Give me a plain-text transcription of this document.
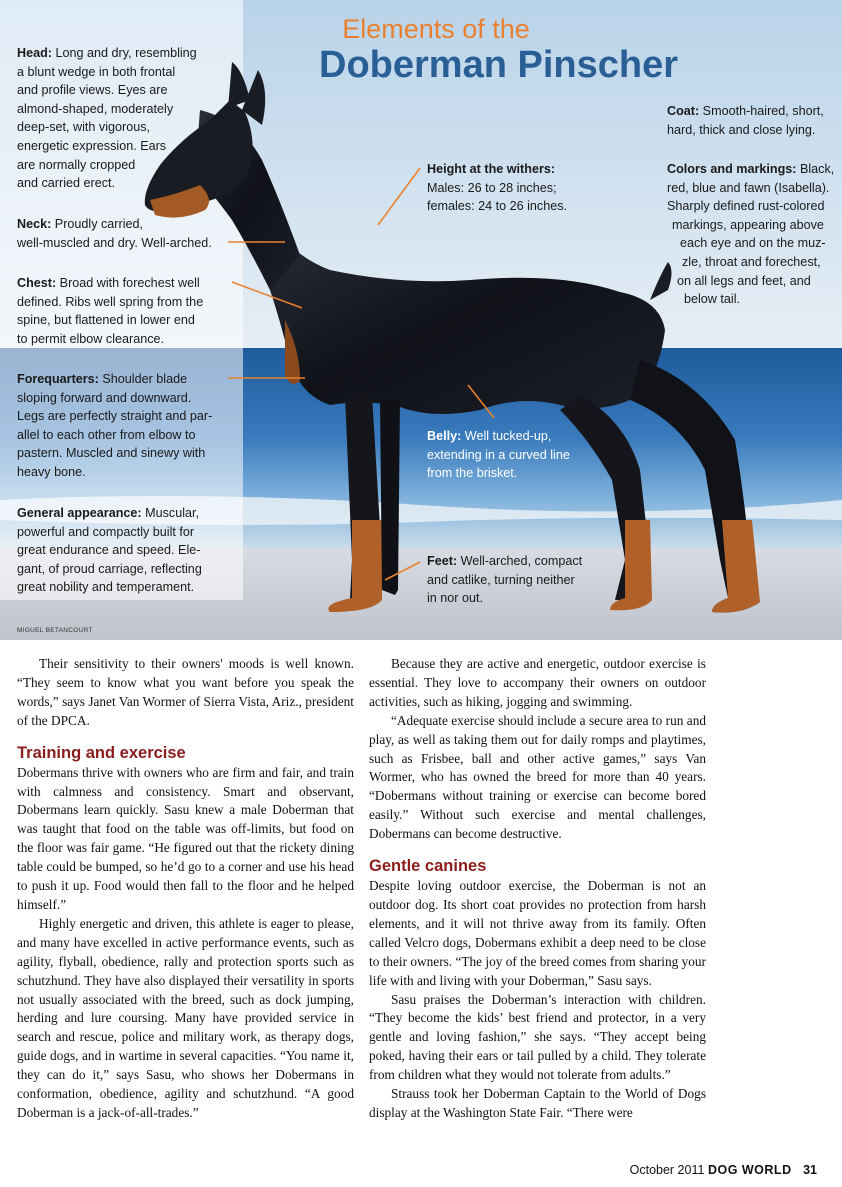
Elements of the
Doberman Pinscher
Head: Long and dry, resembling
a blunt wedge in both frontal
and profile views. Eyes are
almond-shaped, moderately
deep-set, with vigorous,
energetic expression. Ears
are normally cropped
and carried erect.
Neck: Proudly carried,
well-muscled and dry. Well-arched.
Chest: Broad with forechest well
defined. Ribs well spring from the
spine, but flattened in lower end
to permit elbow clearance.
Forequarters: Shoulder blade
sloping forward and downward.
Legs are perfectly straight and par-
allel to each other from elbow to
pastern. Muscled and sinewy with
heavy bone.
General appearance: Muscular,
powerful and compactly built for
great endurance and speed. Ele-
gant, of proud carriage, reflecting
great nobility and temperament.
Height at the withers:
Males: 26 to 28 inches;
females: 24 to 26 inches.
Belly: Well tucked-up,
extending in a curved line
from the brisket.
Feet: Well-arched, compact
and catlike, turning neither
in nor out.
Coat: Smooth-haired, short,
hard, thick and close lying.
Colors and markings: Black,
red, blue and fawn (Isabella).
Sharply defined rust-colored
markings, appearing above
each eye and on the muz-
zle, throat and forechest,
on all legs and feet, and
below tail.
MIGUEL BETANCOURT

Their sensitivity to their owners' moods is well known. “They seem to know what you want before you speak the words,” says Janet Van Wormer of Sierra Vista, Ariz., president of the DPCA.

Training and exercise

Dobermans thrive with owners who are firm and fair, and train with calmness and consistency. Smart and observant, Dobermans learn quickly. Sasu knew a male Doberman that was taught that food on the table was off-limits, but food on the floor was fair game. “He figured out that the rickety dining table could be bumped, so he’d go to a corner and use his head to push it up. Food would then fall to the floor and he helped himself.”

Highly energetic and driven, this athlete is eager to please, and many have excelled in active performance events, such as agility, flyball, obedience, rally and protection sports such as schutzhund. They have also displayed their versatility in sports not usually associated with the breed, such as dock jumping, herding and lure coursing. Many have provided service in search and rescue, police and military work, as therapy dogs, guide dogs, and in wartime in several capacities. “You name it, they can do it,” says Sasu, who shows her Dobermans in conformation, obedience, agility and schutzhund. “A good Doberman is a jack-of-all-trades.”

Because they are active and energetic, outdoor exercise is essential. They love to accompany their owners on outdoor activities, such as hiking, jogging and swimming.

“Adequate exercise should include a secure area to run and play, as well as taking them out for daily romps and playtimes, such as Frisbee, ball and other active games,” says Van Wormer, who has owned the breed for more than 40 years. “Dobermans without training or exercise can become bored easily.” Without such exercise and mental challenges, Dobermans can become destructive.

Gentle canines

Despite loving outdoor exercise, the Doberman is not an outdoor dog. Its short coat provides no protection from harsh elements, and it will not thrive away from its family. Often called Velcro dogs, Dobermans exhibit a deep need to be close to their owners. “The joy of the breed comes from sharing your life with and living with your Doberman,” Sasu says.

Sasu praises the Doberman’s interaction with children. “They become the kids’ best friend and protector, in a very gentle and loving fashion,” she says. “They accept being poked, having their ears or tail pulled by a child. They tolerate from children what they would not tolerate from adults.”

Strauss took her Doberman Captain to the World of Dogs display at the Washington State Fair. “There were

October 2011 DOG WORLD 31
